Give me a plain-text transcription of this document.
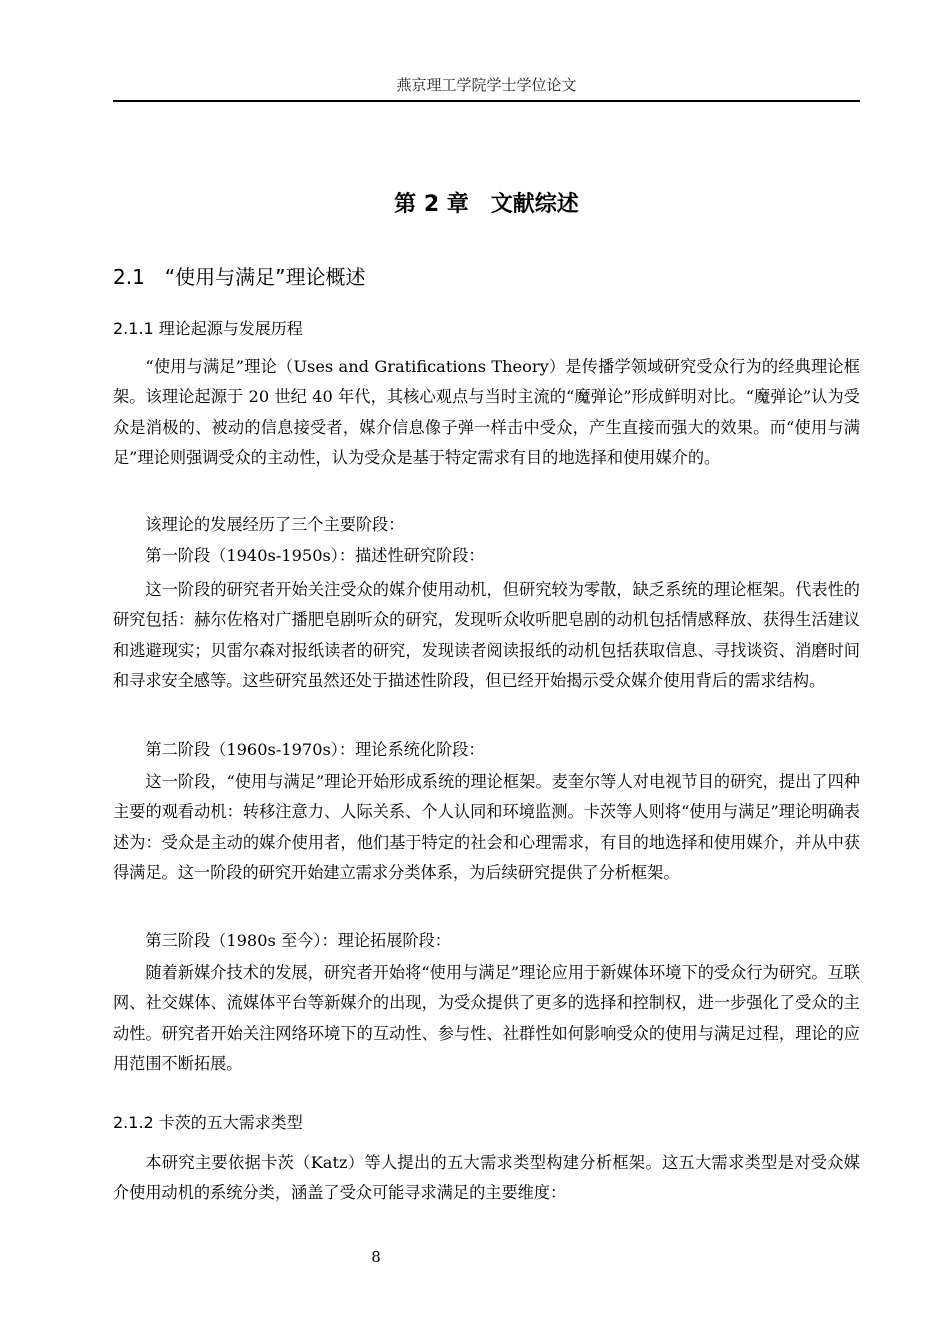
燕京理工学院学士学位论文
第 2 章　文献综述
2.1　“使用与满足”理论概述
2.1.1 理论起源与发展历程

“使用与满足”理论（Uses and Gratifications Theory）是传播学领域研究受众行为的经典理论框架。该理论起源于 20 世纪 40 年代，其核心观点与当时主流的“魔弹论”形成鲜明对比。“魔弹论”认为受众是消极的、被动的信息接受者，媒介信息像子弹一样击中受众，产生直接而强大的效果。而“使用与满足”理论则强调受众的主动性，认为受众是基于特定需求有目的地选择和使用媒介的。

该理论的发展经历了三个主要阶段：

第一阶段（1940s-1950s）：描述性研究阶段：

这一阶段的研究者开始关注受众的媒介使用动机，但研究较为零散，缺乏系统的理论框架。代表性的研究包括：赫尔佐格对广播肥皂剧听众的研究，发现听众收听肥皂剧的动机包括情感释放、获得生活建议和逃避现实；贝雷尔森对报纸读者的研究，发现读者阅读报纸的动机包括获取信息、寻找谈资、消磨时间和寻求安全感等。这些研究虽然还处于描述性阶段，但已经开始揭示受众媒介使用背后的需求结构。

第二阶段（1960s-1970s）：理论系统化阶段：

这一阶段，“使用与满足”理论开始形成系统的理论框架。麦奎尔等人对电视节目的研究，提出了四种主要的观看动机：转移注意力、人际关系、个人认同和环境监测。卡茨等人则将“使用与满足”理论明确表述为：受众是主动的媒介使用者，他们基于特定的社会和心理需求，有目的地选择和使用媒介，并从中获得满足。这一阶段的研究开始建立需求分类体系，为后续研究提供了分析框架。

第三阶段（1980s 至今）：理论拓展阶段：

随着新媒介技术的发展，研究者开始将“使用与满足”理论应用于新媒体环境下的受众行为研究。互联网、社交媒体、流媒体平台等新媒介的出现，为受众提供了更多的选择和控制权，进一步强化了受众的主动性。研究者开始关注网络环境下的互动性、参与性、社群性如何影响受众的使用与满足过程，理论的应用范围不断拓展。

2.1.2 卡茨的五大需求类型

本研究主要依据卡茨（Katz）等人提出的五大需求类型构建分析框架。这五大需求类型是对受众媒介使用动机的系统分类，涵盖了受众可能寻求满足的主要维度：

8
